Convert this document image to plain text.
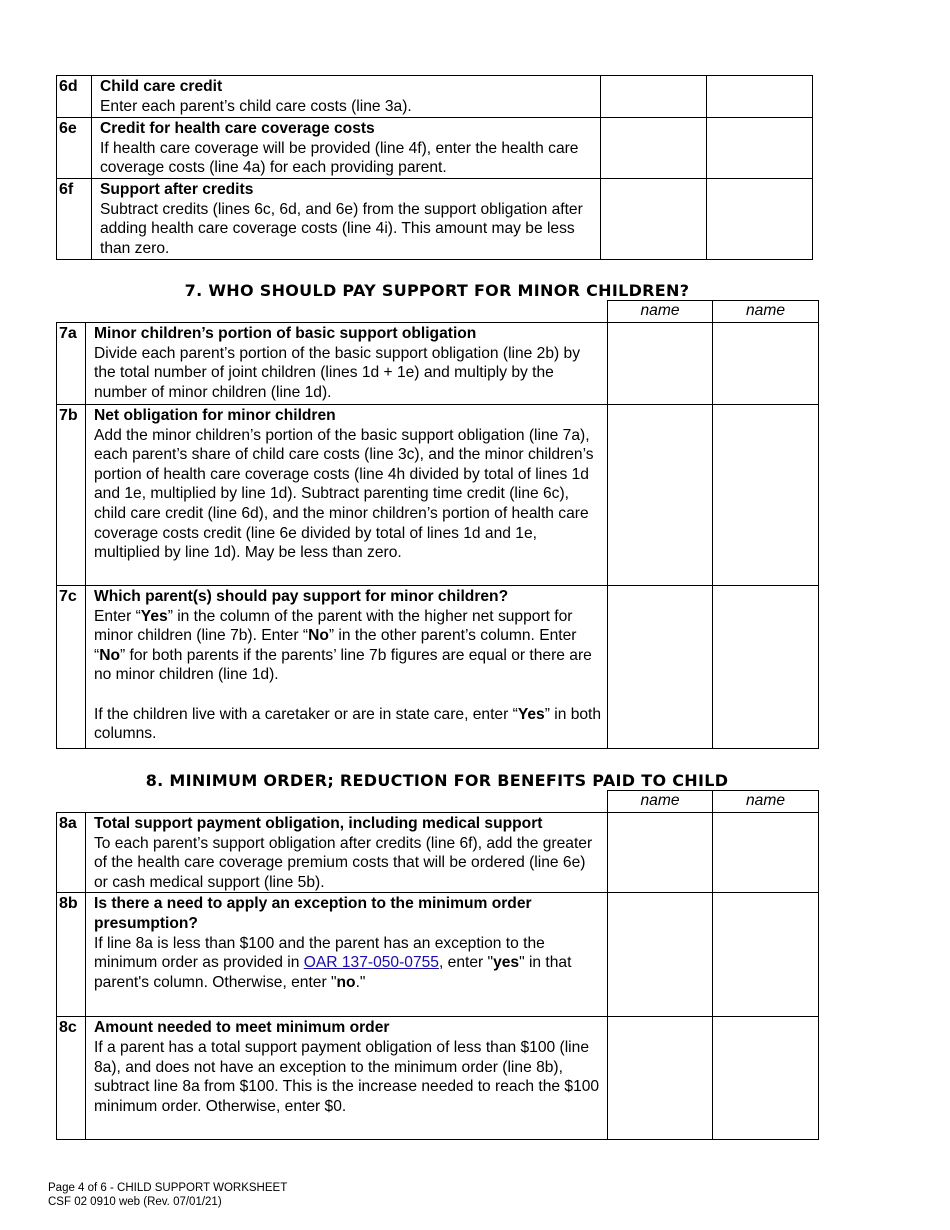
6d	Child care credit
Enter each parent’s child care costs (line 3a).		

6e	Credit for health care coverage costs
If health care coverage will be provided (line 4f), enter the health care coverage costs (line 4a) for each providing parent.		

6f	Support after credits
Subtract credits (lines 6c, 6d, and 6e) from the support obligation after adding health care coverage costs (line 4i). This amount may be less than zero.		

7. WHO SHOULD PAY SUPPORT FOR MINOR CHILDREN?
		name	name
7a	Minor children’s portion of basic support obligation
Divide each parent’s portion of the basic support obligation (line 2b) by the total number of joint children (lines 1d + 1e) and multiply by the number of minor children (line 1d).		

7b	Net obligation for minor children
Add the minor children’s portion of the basic support obligation (line 7a), each parent’s share of child care costs (line 3c), and the minor children’s portion of health care coverage costs (line 4h divided by total of lines 1d and 1e, multiplied by line 1d). Subtract parenting time credit (line 6c), child care credit (line 6d), and the minor children’s portion of health care coverage costs credit (line 6e divided by total of lines 1d and 1e, multiplied by line 1d). May be less than zero.		

7c	Which parent(s) should pay support for minor children?
Enter “Yes” in the column of the parent with the higher net support for minor children (line 7b). Enter “No” in the other parent’s column. Enter “No” for both parents if the parents’ line 7b figures are equal or there are no minor children (line 1d).
If the children live with a caretaker or are in state care, enter “Yes” in both columns.		

8. MINIMUM ORDER; REDUCTION FOR BENEFITS PAID TO CHILD
		name	name
8a	Total support payment obligation, including medical support
To each parent’s support obligation after credits (line 6f), add the greater of the health care coverage premium costs that will be ordered (line 6e) or cash medical support (line 5b).		

8b	Is there a need to apply an exception to the minimum order presumption?
If line 8a is less than $100 and the parent has an exception to the minimum order as provided in OAR 137-050-0755, enter "yes" in that parent's column. Otherwise, enter "no."		

8c	Amount needed to meet minimum order
If a parent has a total support payment obligation of less than $100 (line 8a), and does not have an exception to the minimum order (line 8b), subtract line 8a from $100. This is the increase needed to reach the $100 minimum order. Otherwise, enter $0.		

Page 4 of 6 - CHILD SUPPORT WORKSHEET
CSF 02 0910 web (Rev. 07/01/21)
